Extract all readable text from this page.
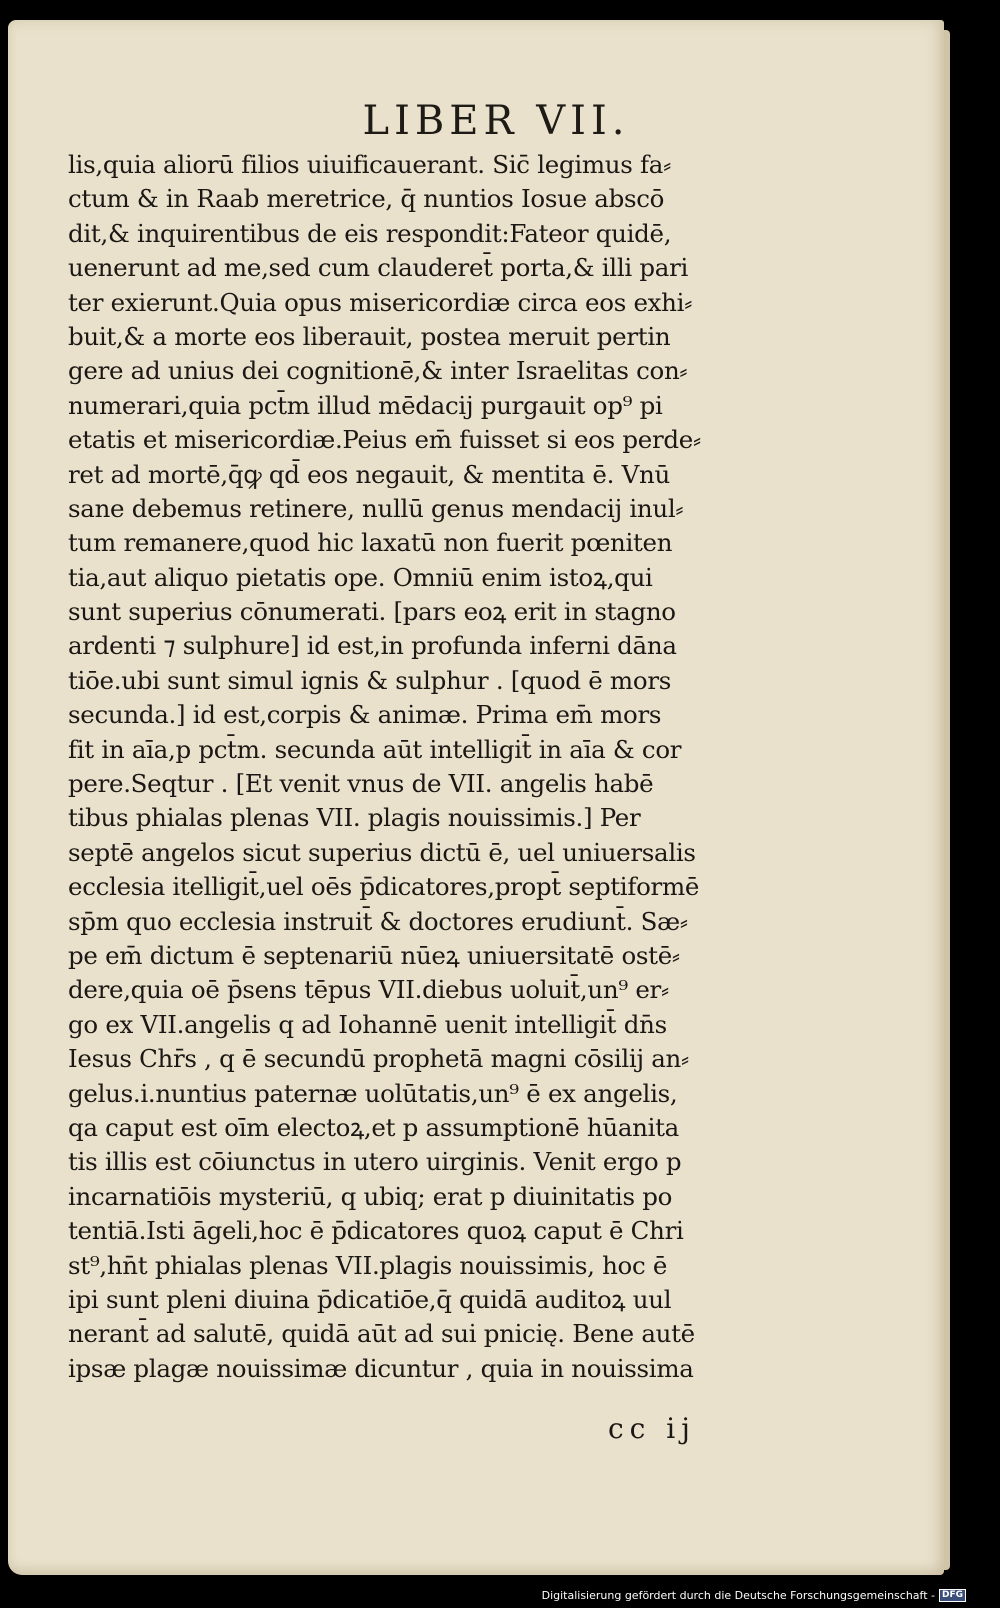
LIBER VII.
lis,quia aliorū filios uiuificauerant. Sic̄ legimus fa⸗
ctum & in Raab meretrice, q̄ nuntios Iosue abscō
dit,& inquirentibus de eis respondit:Fateor quidē,
uenerunt ad me,sed cum clauderet̄ porta,& illi pari
ter exierunt.Quia opus misericordiæ circa eos exhi⸗
buit,& a morte eos liberauit, postea meruit pertin
gere ad unius dei cognitionē,& inter Israelitas con⸗
numerari,quia pct̄m illud mēdacij purgauit op⁹ pi
etatis et misericordiæ.Peius em̄ fuisset si eos perde⸗
ret ad mortē,q̄ꝙ qd̄ eos negauit, & mentita ē. Vnū
sane debemus retinere, nullū genus mendacij inul⸗
tum remanere,quod hic laxatū non fuerit pœniten
tia,aut aliquo pietatis ope. Omniū enim istoꝝ,qui
sunt superius cōnumerati. [pars eoꝝ erit in stagno
ardenti ⁊ sulphure] id est,in profunda inferni dāna
tiōe.ubi sunt simul ignis & sulphur . [quod ē mors
secunda.] id est,corpis & animæ. Prima em̄ mors
fit in aīa,p pct̄m. secunda aūt intelligit̄ in aīa & cor
pere.Seqtur . [Et venit vnus de VII. angelis habē
tibus phialas plenas VII. plagis nouissimis.] Per
septē angelos sicut superius dictū ē, uel uniuersalis
ecclesia itelligit̄,uel oēs p̄dicatores,propt̄ septiformē
sp̄m quo ecclesia instruit̄ & doctores erudiunt̄. Sæ⸗
pe em̄ dictum ē septenariū nūeꝝ uniuersitatē ostē⸗
dere,quia oē p̄sens tēpus VII.diebus uoluit̄,un⁹ er⸗
go ex VII.angelis q ad Iohannē uenit intelligit̄ dn̄s
Iesus Chr̄s , q ē secundū prophetā magni cōsilij an⸗
gelus.i.nuntius paternæ uolūtatis,un⁹ ē ex angelis,
qa caput est oīm electoꝝ,et p assumptionē hūanita
tis illis est cōiunctus in utero uirginis. Venit ergo p
incarnatiōis mysteriū, q ubiq; erat p diuinitatis po
tentiā.Isti āgeli,hoc ē p̄dicatores quoꝝ caput ē Chri
st⁹,hn̄t phialas plenas VII.plagis nouissimis, hoc ē
ipi sunt pleni diuina p̄dicatiōe,q̄ quidā auditoꝝ uul
nerant̄ ad salutē, quidā aūt ad sui pnicię. Bene autē
ipsæ plagæ nouissimæ dicuntur , quia in nouissima
cc ij
Digitalisierung gefördert durch die Deutsche Forschungsgemeinschaft - DFG
